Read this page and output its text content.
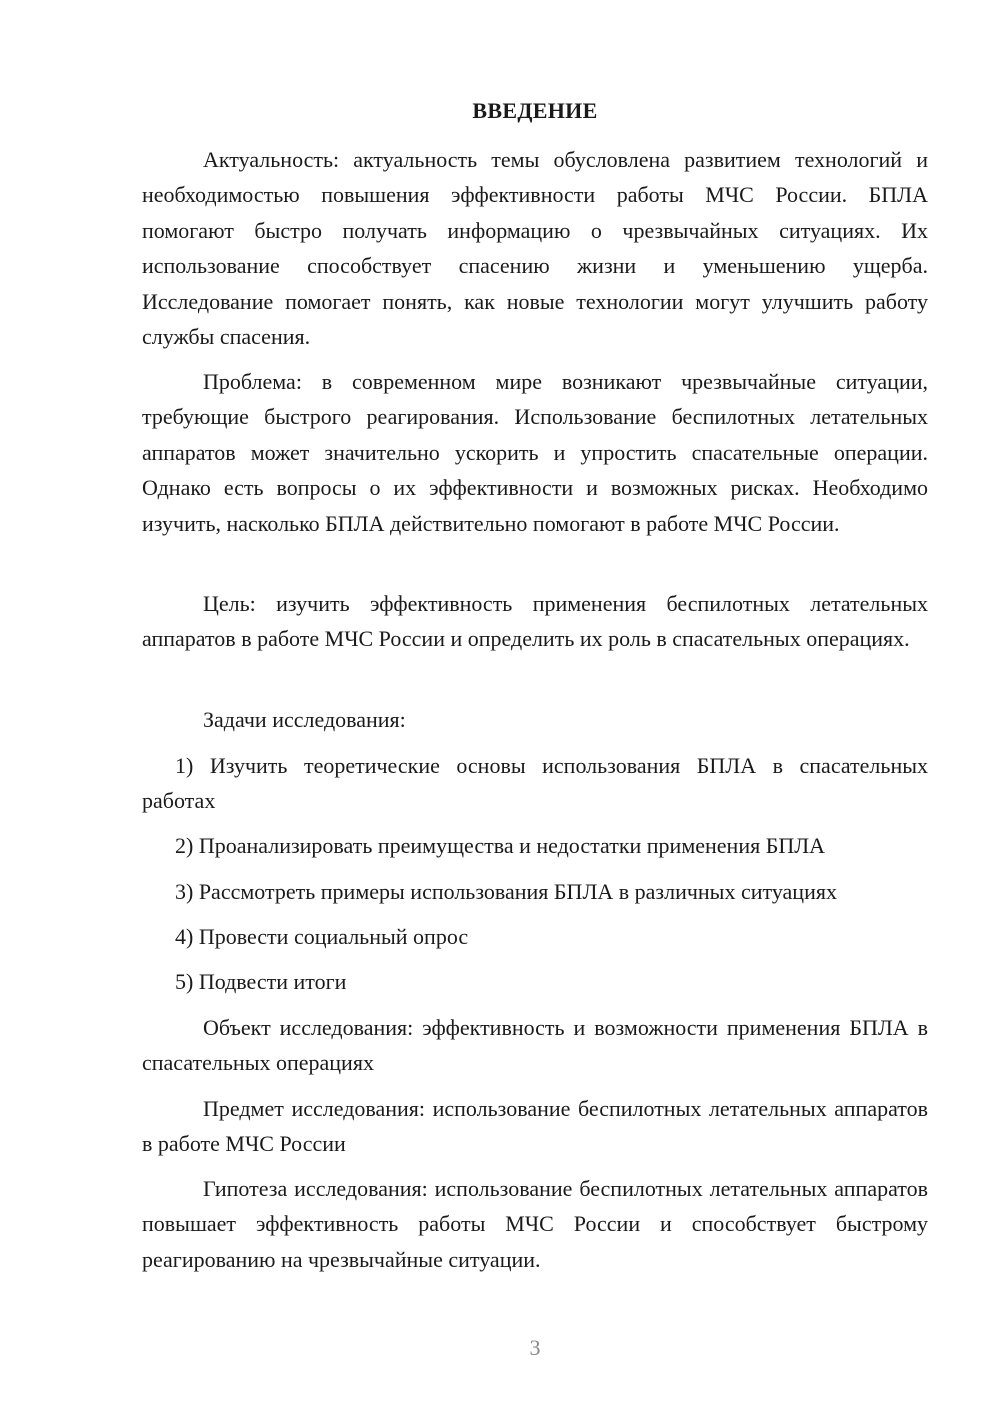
ВВЕДЕНИЕ

Актуальность: актуальность темы обусловлена развитием технологий и необходимостью повышения эффективности работы МЧС России. БПЛА помогают быстро получать информацию о чрезвычайных ситуациях. Их использование способствует спасению жизни и уменьшению ущерба. Исследование помогает понять, как новые технологии могут улучшить работу службы спасения.

Проблема: в современном мире возникают чрезвычайные ситуации, требующие быстрого реагирования. Использование беспилотных летательных аппаратов может значительно ускорить и упростить спасательные операции. Однако есть вопросы о их эффективности и возможных рисках. Необходимо изучить, насколько БПЛА действительно помогают в работе МЧС России.

Цель: изучить эффективность применения беспилотных летательных аппаратов в работе МЧС России и определить их роль в спасательных операциях.

Задачи исследования:

1) Изучить теоретические основы использования БПЛА в спасательных работах

2) Проанализировать преимущества и недостатки применения БПЛА

3) Рассмотреть примеры использования БПЛА в различных ситуациях

4) Провести социальный опрос

5) Подвести итоги

Объект исследования: эффективность и возможности применения БПЛА в спасательных операциях

Предмет исследования: использование беспилотных летательных аппаратов в работе МЧС России

Гипотеза исследования: использование беспилотных летательных аппаратов повышает эффективность работы МЧС России и способствует быстрому реагированию на чрезвычайные ситуации.

3
